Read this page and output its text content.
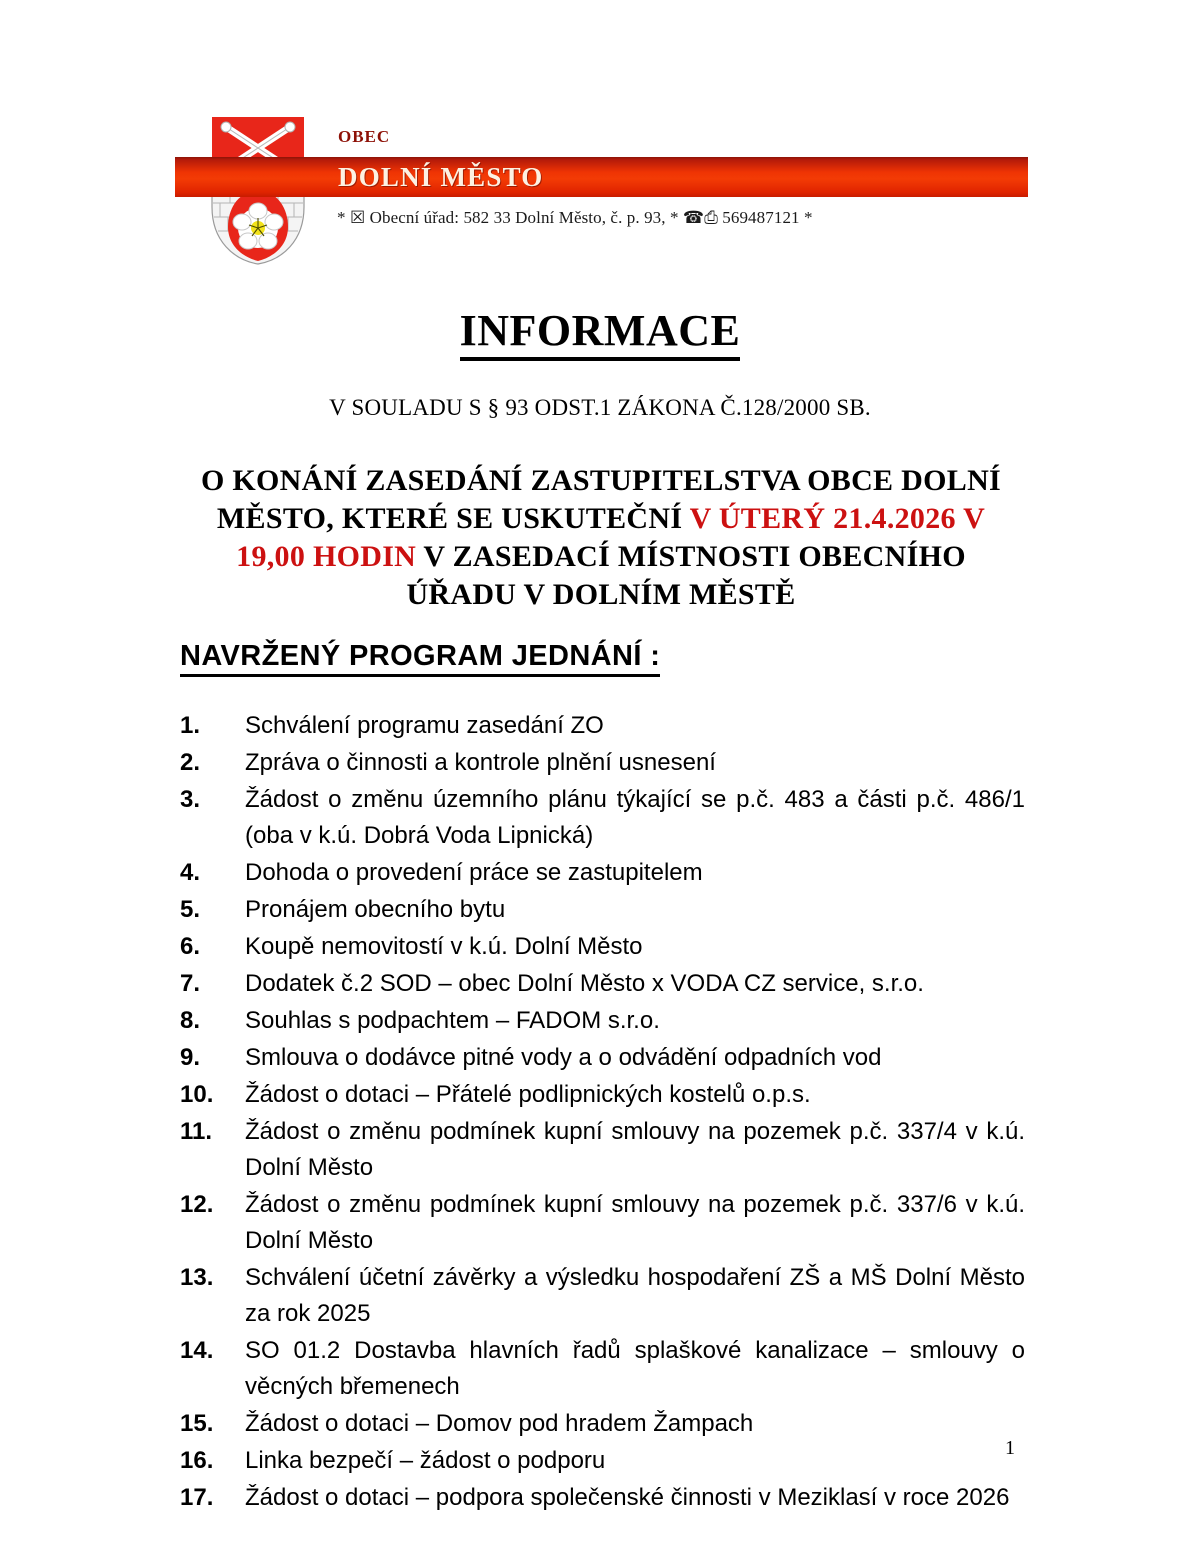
OBEC
DOLNÍ MĚSTO
* ☒ Obecní úřad: 582 33 Dolní Město, č. p. 93, * ☎⎙ 569487121 *
INFORMACE
V SOULADU S § 93 ODST.1 ZÁKONA Č.128/2000 SB.
O KONÁNÍ ZASEDÁNÍ ZASTUPITELSTVA OBCE DOLNÍ MĚSTO, KTERÉ SE USKUTEČNÍ V ÚTERÝ 21.4.2026 V 19,00 HODIN V ZASEDACÍ MÍSTNOSTI OBECNÍHO ÚŘADU V DOLNÍM MĚSTĚ
NAVRŽENÝ PROGRAM JEDNÁNÍ :
1.	Schválení programu zasedání ZO
2.	Zpráva o činnosti a kontrole plnění usnesení
3.	Žádost o změnu územního plánu týkající se p.č. 483 a části p.č. 486/1 (oba v k.ú. Dobrá Voda Lipnická)
4.	Dohoda o provedení práce se zastupitelem
5.	Pronájem obecního bytu
6.	Koupě nemovitostí v k.ú. Dolní Město
7.	Dodatek č.2 SOD – obec Dolní Město x VODA CZ service, s.r.o.
8.	Souhlas s podpachtem – FADOM s.r.o.
9.	Smlouva o dodávce pitné vody a o odvádění odpadních vod
10.	Žádost o dotaci – Přátelé podlipnických kostelů o.p.s.
11.	Žádost o změnu podmínek kupní smlouvy na pozemek p.č. 337/4 v k.ú. Dolní Město
12.	Žádost o změnu podmínek kupní smlouvy na pozemek p.č. 337/6 v k.ú. Dolní Město
13.	Schválení účetní závěrky a výsledku hospodaření ZŠ a MŠ Dolní Město za rok 2025
14.	SO 01.2 Dostavba hlavních řadů splaškové kanalizace – smlouvy o věcných břemenech
15.	Žádost o dotaci – Domov pod hradem Žampach
16.	Linka bezpečí – žádost o podporu
17.	Žádost o dotaci – podpora společenské činnosti v Meziklasí v roce 2026
1
